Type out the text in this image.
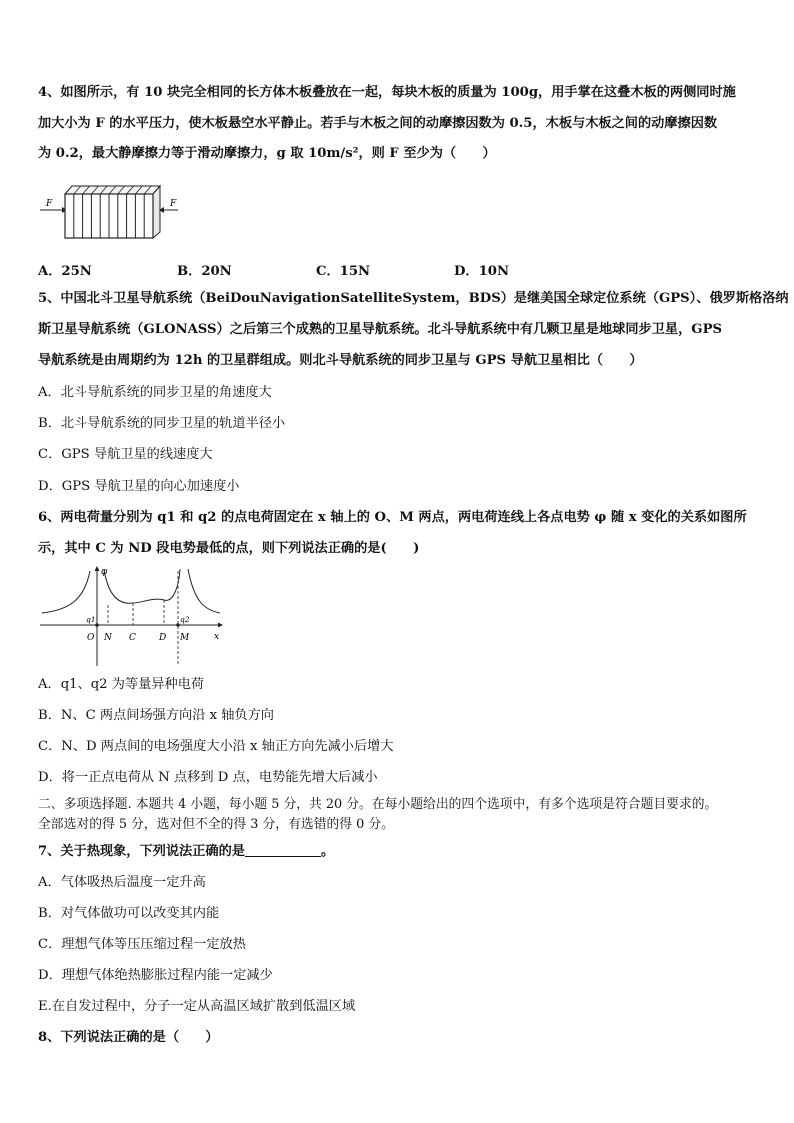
4、如图所示，有 10 块完全相同的长方体木板叠放在一起，每块木板的质量为 100g，用手掌在这叠木板的两侧同时施
加大小为 F 的水平压力，使木板悬空水平静止。若手与木板之间的动摩擦因数为 0.5，木板与木板之间的动摩擦因数
为 0.2，最大静摩擦力等于滑动摩擦力，g 取 10m/s²，则 F 至少为（　　）
F	F
A．25N	B．20N	C．15N	D．10N
5、中国北斗卫星导航系统（BeiDouNavigationSatelliteSystem，BDS）是继美国全球定位系统（GPS）、俄罗斯格洛纳
斯卫星导航系统（GLONASS）之后第三个成熟的卫星导航系统。北斗导航系统中有几颗卫星是地球同步卫星，GPS
导航系统是由周期约为 12h 的卫星群组成。则北斗导航系统的同步卫星与 GPS 导航卫星相比（　　）
A．北斗导航系统的同步卫星的角速度大
B．北斗导航系统的同步卫星的轨道半径小
C．GPS 导航卫星的线速度大
D．GPS 导航卫星的向心加速度小
6、两电荷量分别为 q1 和 q2 的点电荷固定在 x 轴上的 O、M 两点，两电荷连线上各点电势 φ 随 x 变化的关系如图所
示，其中 C 为 ND 段电势最低的点，则下列说法正确的是(　　)
x
φ
q1	q2
O N C	D M
A．q1、q2 为等量异种电荷
B．N、C 两点间场强方向沿 x 轴负方向
C．N、D 两点间的电场强度大小沿 x 轴正方向先减小后增大
D．将一正点电荷从 N 点移到 D 点，电势能先增大后减小
二、多项选择题. 本题共 4 小题，每小题 5 分，共 20 分。在每小题给出的四个选项中，有多个选项是符合题目要求的。
全部选对的得 5 分，选对但不全的得 3 分，有选错的得 0 分。
7、关于热现象，下列说法正确的是	。
A．气体吸热后温度一定升高
B．对气体做功可以改变其内能
C．理想气体等压压缩过程一定放热
D．理想气体绝热膨胀过程内能一定减少
E.在自发过程中，分子一定从高温区域扩散到低温区域
8、下列说法正确的是（　　）
